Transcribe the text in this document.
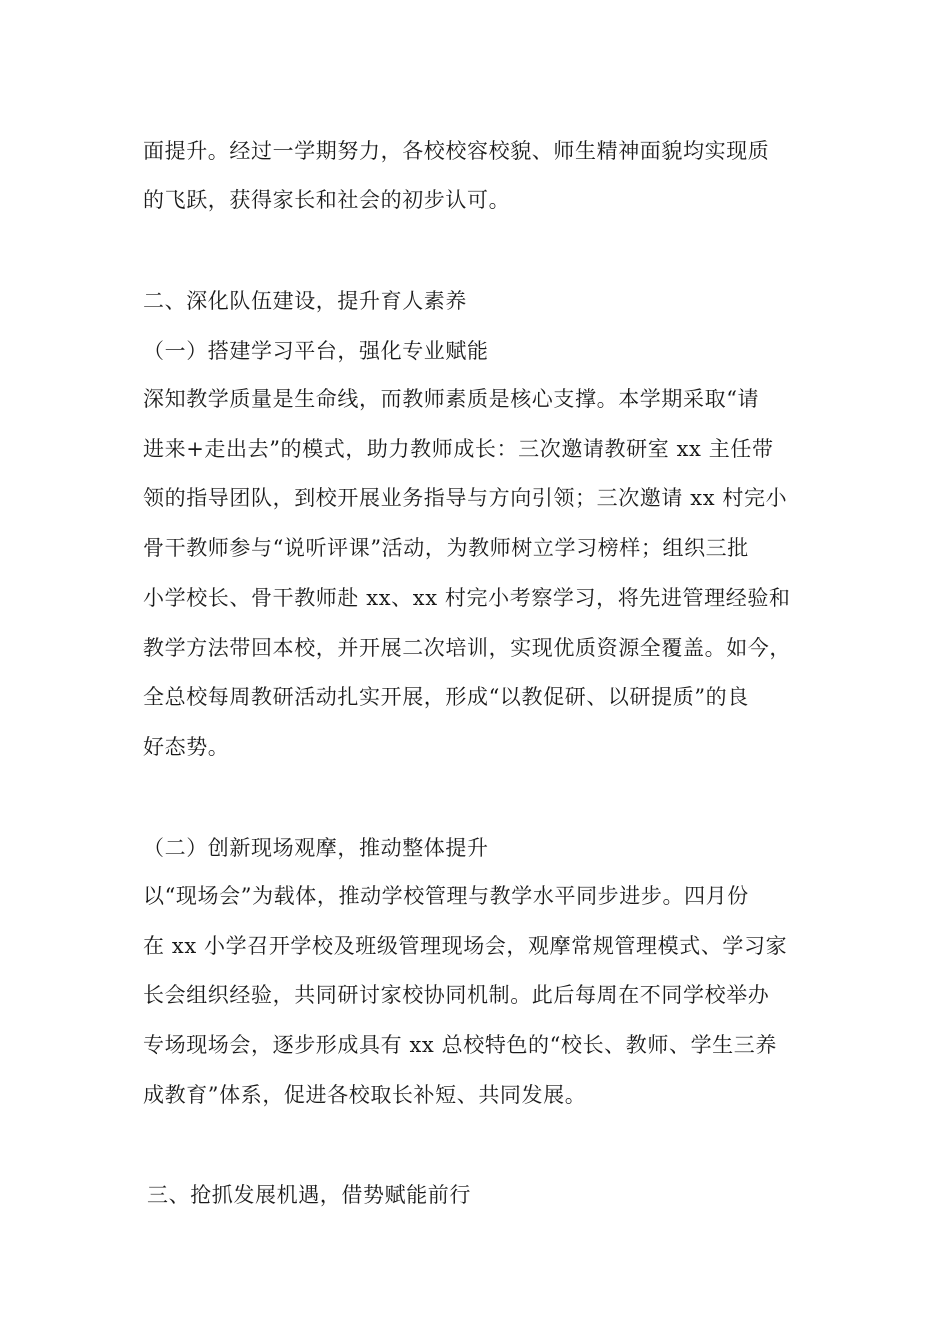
面提升。经过一学期努力，各校校容校貌、师生精神面貌均实现质
的飞跃，获得家长和社会的初步认可。
二、深化队伍建设，提升育人素养
（一）搭建学习平台，强化专业赋能
深知教学质量是生命线，而教师素质是核心支撑。本学期采取“请
进来+走出去”的模式，助力教师成长：三次邀请教研室 xx 主任带
领的指导团队，到校开展业务指导与方向引领；三次邀请 xx 村完小
骨干教师参与“说听评课”活动，为教师树立学习榜样；组织三批
小学校长、骨干教师赴 xx、xx 村完小考察学习，将先进管理经验和
教学方法带回本校，并开展二次培训，实现优质资源全覆盖。如今，
全总校每周教研活动扎实开展，形成“以教促研、以研提质”的良
好态势。
（二）创新现场观摩，推动整体提升
以“现场会”为载体，推动学校管理与教学水平同步进步。四月份
在 xx 小学召开学校及班级管理现场会，观摩常规管理模式、学习家
长会组织经验，共同研讨家校协同机制。此后每周在不同学校举办
专场现场会，逐步形成具有 xx 总校特色的“校长、教师、学生三养
成教育”体系，促进各校取长补短、共同发展。
三、抢抓发展机遇，借势赋能前行
